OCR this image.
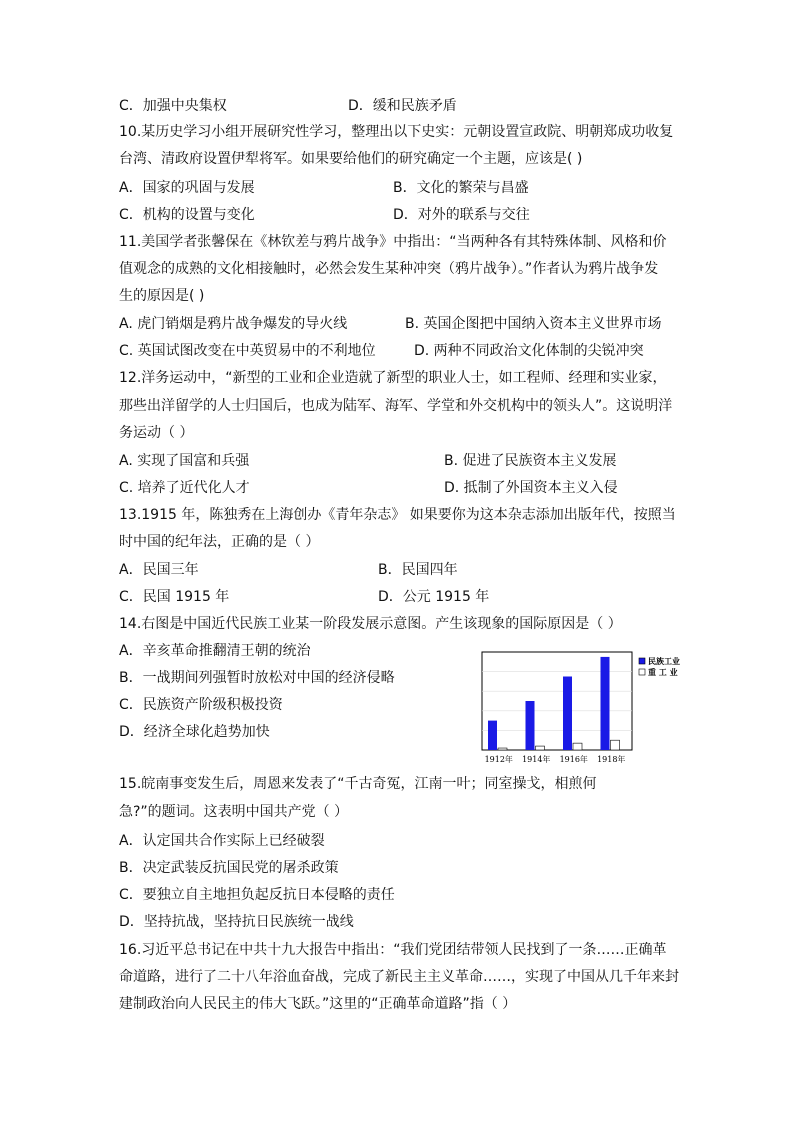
C．加强中央集权	D．缓和民族矛盾
10.某历史学习小组开展研究性学习，整理出以下史实：元朝设置宣政院、明朝郑成功收复
台湾、清政府设置伊犁将军。如果要给他们的研究确定一个主题，应该是( )
A．国家的巩固与发展	B．文化的繁荣与昌盛
C．机构的设置与变化	D．对外的联系与交往
11.美国学者张馨保在《林钦差与鸦片战争》中指出：“当两种各有其特殊体制、风格和价
值观念的成熟的文化相接触时，必然会发生某种冲突（鸦片战争）。”作者认为鸦片战争发
生的原因是( )
A. 虎门销烟是鸦片战争爆发的导火线	B. 英国企图把中国纳入资本主义世界市场
C. 英国试图改变在中英贸易中的不利地位	D. 两种不同政治文化体制的尖锐冲突
12.洋务运动中，“新型的工业和企业造就了新型的职业人士，如工程师、经理和实业家，
那些出洋留学的人士归国后，也成为陆军、海军、学堂和外交机构中的领头人”。这说明洋
务运动（ ）
A. 实现了国富和兵强	B. 促进了民族资本主义发展
C. 培养了近代化人才	D. 抵制了外国资本主义入侵
13.1915 年，陈独秀在上海创办《青年杂志》 如果要你为这本杂志添加出版年代，按照当
时中国的纪年法，正确的是（ ）
A．民国三年	B．民国四年
C．民国 1915 年	D．公元 1915 年
14.右图是中国近代民族工业某一阶段发展示意图。产生该现象的国际原因是（ ）
A．辛亥革命推翻清王朝的统治
B．一战期间列强暂时放松对中国的经济侵略
C．民族资产阶级积极投资
D．经济全球化趋势加快
1912年 1914年 1916年 1918年
民族工业
重 工 业
15.皖南事变发生后，周恩来发表了“千古奇冤，江南一叶；同室操戈，相煎何
急?”的题词。这表明中国共产党（ ）
A．认定国共合作实际上已经破裂
B．决定武装反抗国民党的屠杀政策
C．要独立自主地担负起反抗日本侵略的责任
D．坚持抗战，坚持抗日民族统一战线
16.习近平总书记在中共十九大报告中指出：“我们党团结带领人民找到了一条……正确革
命道路，进行了二十八年浴血奋战，完成了新民主主义革命……，实现了中国从几千年来封
建制政治向人民民主的伟大飞跃。”这里的“正确革命道路”指（ ）
